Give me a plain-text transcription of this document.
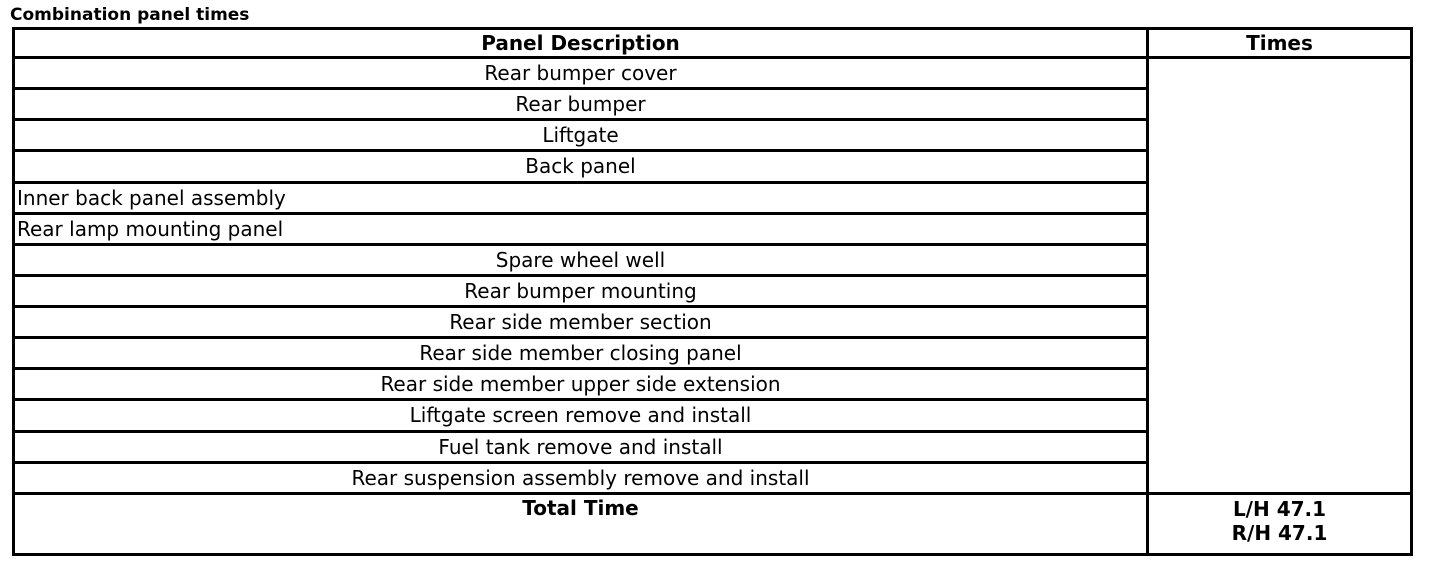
Combination panel times
Panel Description	Times
Rear bumper cover	
Rear bumper	
Liftgate	
Back panel	
Inner back panel assembly	
Rear lamp mounting panel	
Spare wheel well	
Rear bumper mounting	
Rear side member section	
Rear side member closing panel	
Rear side member upper side extension	
Liftgate screen remove and install	
Fuel tank remove and install	
Rear suspension assembly remove and install	
Total Time	L/H 47.1
R/H 47.1
